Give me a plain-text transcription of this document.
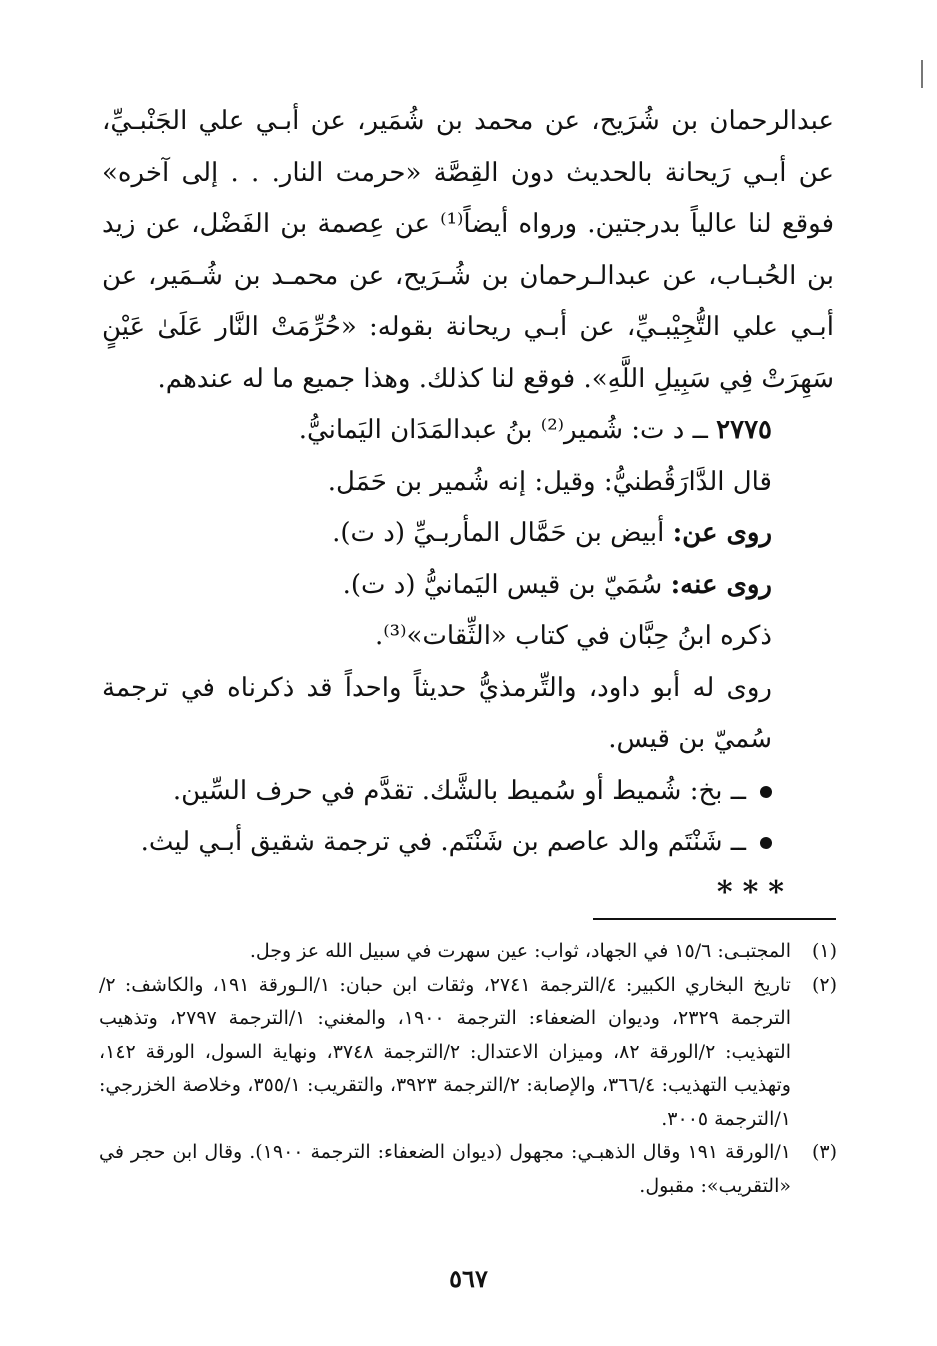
عبدالرحمان بن شُرَيح، عن محمد بن شُمَير، عن أبـي علي الجَنْبـيِّ، عن أبـي رَيحانة بالحديث دون القِصَّة «حرمت النار. . . إلى آخره» فوقع لنا عالياً بدرجتين. ورواه أيضاً⁽¹⁾ عن عِصمة بن الفَضْل، عن زيد بن الحُبـاب، عن عبدالـرحمان بن شُـرَيح، عن محمـد بن شُـمَير، عن أبـي علي التُّجِيْبـيِّ، عن أبـي ريحانة بقوله: «حُرِّمَتْ النَّار عَلَىٰ عَيْنٍ سَهِرَتْ فِي سَبِيلِ اللَّهِ». فوقع لنا كذلك. وهذا جميع ما له عندهم.

٢٧٧٥ ــ د ت: شُمير⁽²⁾ بنُ عبدالمَدَان اليَمانيُّ.

قال الدَّارَقُطنيُّ: وقيل: إنه شُمير بن حَمَل.

روى عن: أبيض بن حَمَّال المأربـيِّ (د ت).

روى عنه: سُمَيّ بن قيس اليَمانيُّ (د ت).

ذكره ابنُ حِبَّان في كتاب «الثِّقات»⁽³⁾.

روى له أبو داود، والتِّرمذيُّ حديثاً واحداً قد ذكرناه في ترجمة سُميّ بن قيس.

ــ بخ: شُميط أو سُميط بالشَّك. تقدَّم في حرف السِّين.

ــ شَنْتَم والد عاصم بن شَنْتَم. في ترجمة شقيق أبـي ليث.

***

(١)
المجتبـى: ١٥/٦ في الجهاد، ثواب: عين سهرت في سبيل الله عز وجل.
(٢)
تاريخ البخاري الكبير: ٤/الترجمة ٢٧٤١، وثقات ابن حبان: ١/الـورقة ١٩١، والكاشف: ٢/الترجمة ٢٣٢٩، وديوان الضعفاء: الترجمة ١٩٠٠، والمغني: ١/الترجمة ٢٧٩٧، وتذهيب التهذيب: ٢/الورقة ٨٢، وميزان الاعتدال: ٢/الترجمة ٣٧٤٨، ونهاية السول، الورقة ١٤٢، وتهذيب التهذيب: ٣٦٦/٤، والإصابة: ٢/الترجمة ٣٩٢٣، والتقريب: ٣٥٥/١، وخلاصة الخزرجي: ١/الترجمة ٣٠٠٥.
(٣)
١/الورقة ١٩١ وقال الذهبـي: مجهول (ديوان الضعفاء: الترجمة ١٩٠٠). وقال ابن حجر في «التقريب»: مقبول.
٥٦٧
